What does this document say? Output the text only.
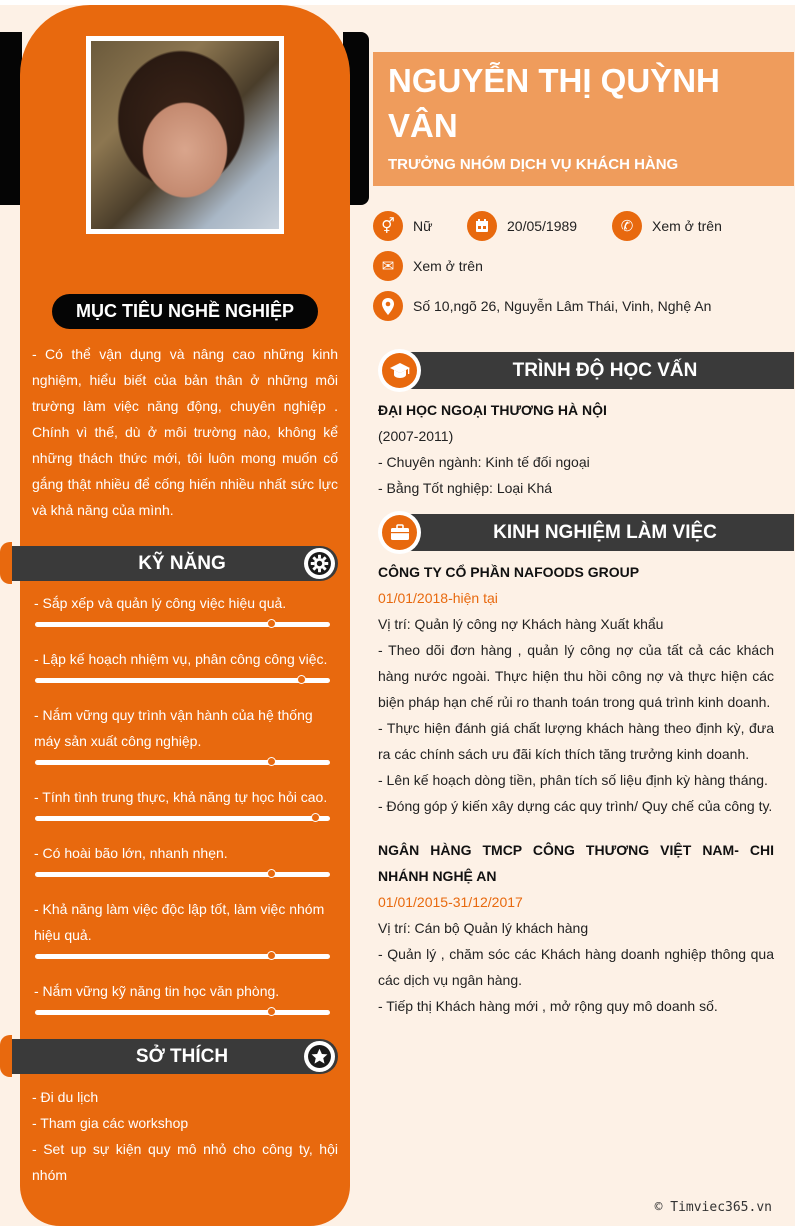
MỤC TIÊU NGHỀ NGHIỆP
- Có thể vận dụng và nâng cao những kinh nghiệm, hiểu biết của bản thân ở những môi trường làm việc năng động, chuyên nghiệp . Chính vì thế, dù ở môi trường nào, không kể những thách thức mới, tôi luôn mong muốn cố gắng thật nhiều để cống hiến nhiều nhất sức lực và khả năng của mình.
KỸ NĂNG
- Sắp xếp và quản lý công việc hiệu quả.
- Lập kế hoạch nhiệm vụ, phân công công việc.
- Nắm vững quy trình vận hành của hệ thống máy sản xuất công nghiệp.
- Tính tình trung thực, khả năng tự học hỏi cao.
- Có hoài bão lớn, nhanh nhẹn.
- Khả năng làm việc độc lập tốt, làm việc nhóm hiệu quả.
- Nắm vững kỹ năng tin học văn phòng.
SỞ THÍCH
- Đi du lịch
- Tham gia các workshop
- Set up sự kiện quy mô nhỏ cho công ty, hội nhóm
NGUYỄN THỊ QUỲNH VÂN
TRƯỞNG NHÓM DỊCH VỤ KHÁCH HÀNG
⚥ Nữ	20/05/1989	✆ Xem ở trên
✉ Xem ở trên
Số 10,ngõ 26, Nguyễn Lâm Thái, Vinh, Nghệ An
TRÌNH ĐỘ HỌC VẤN
ĐẠI HỌC NGOẠI THƯƠNG HÀ NỘI
(2007-2011)
- Chuyên ngành: Kinh tế đối ngoại
- Bằng Tốt nghiệp: Loại Khá
KINH NGHIỆM LÀM VIỆC
CÔNG TY CỔ PHẦN NAFOODS GROUP
01/01/2018-hiện tại
Vị trí: Quản lý công nợ Khách hàng Xuất khẩu
- Theo dõi đơn hàng , quản lý công nợ của tất cả các khách hàng nước ngoài. Thực hiện thu hồi công nợ và thực hiện các biện pháp hạn chế rủi ro thanh toán trong quá trình kinh doanh.
- Thực hiện đánh giá chất lượng khách hàng theo định kỳ, đưa ra các chính sách ưu đãi kích thích tăng trưởng kinh doanh.
- Lên kế hoạch dòng tiền, phân tích số liệu định kỳ hàng tháng.
- Đóng góp ý kiến xây dựng các quy trình/ Quy chế của công ty.
NGÂN HÀNG TMCP CÔNG THƯƠNG VIỆT NAM- CHI NHÁNH NGHỆ AN
01/01/2015-31/12/2017
Vị trí: Cán bộ Quản lý khách hàng
- Quản lý , chăm sóc các Khách hàng doanh nghiệp thông qua các dịch vụ ngân hàng.
- Tiếp thị Khách hàng mới , mở rộng quy mô doanh số.
© Timviec365.vn
